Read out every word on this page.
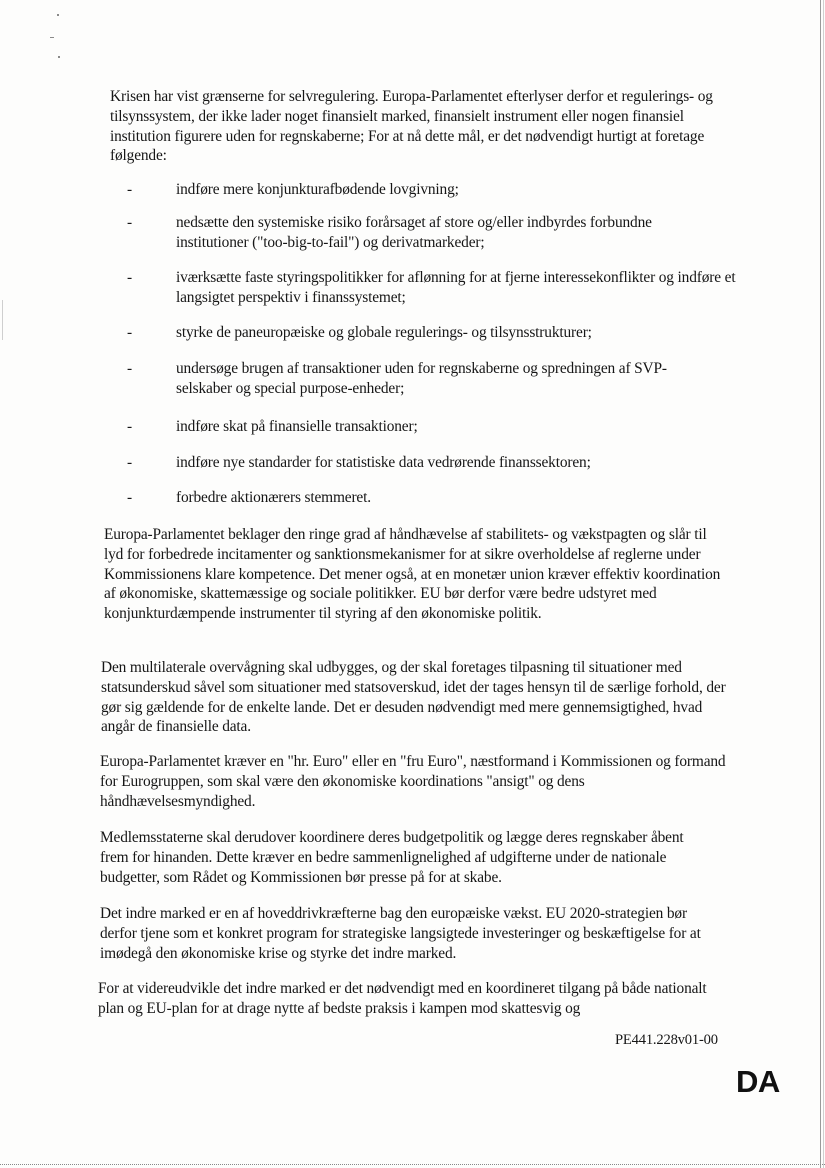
Krisen har vist grænserne for selvregulering. Europa-Parlamentet efterlyser derfor et regulerings- og tilsynssystem, der ikke lader noget finansielt marked, finansielt instrument eller nogen finansiel institution figurere uden for regnskaberne; For at nå dette mål, er det nødvendigt hurtigt at foretage følgende:

-	indføre mere konjunkturafbødende lovgivning;

-	nedsætte den systemiske risiko forårsaget af store og/eller indbyrdes forbundne institutioner ("too-big-to-fail") og derivatmarkeder;

-	iværksætte faste styringspolitikker for aflønning for at fjerne interessekonflikter og indføre et langsigtet perspektiv i finanssystemet;

-	styrke de paneuropæiske og globale regulerings- og tilsynsstrukturer;

-	undersøge brugen af transaktioner uden for regnskaberne og spredningen af SVP-selskaber og special purpose-enheder;

-	indføre skat på finansielle transaktioner;

-	indføre nye standarder for statistiske data vedrørende finanssektoren;

-	forbedre aktionærers stemmeret.

Europa-Parlamentet beklager den ringe grad af håndhævelse af stabilitets- og vækstpagten og slår til lyd for forbedrede incitamenter og sanktionsmekanismer for at sikre overholdelse af reglerne under Kommissionens klare kompetence. Det mener også, at en monetær union kræver effektiv koordination af økonomiske, skattemæssige og sociale politikker. EU bør derfor være bedre udstyret med konjunkturdæmpende instrumenter til styring af den økonomiske politik.

Den multilaterale overvågning skal udbygges, og der skal foretages tilpasning til situationer med statsunderskud såvel som situationer med statsoverskud, idet der tages hensyn til de særlige forhold, der gør sig gældende for de enkelte lande. Det er desuden nødvendigt med mere gennemsigtighed, hvad angår de finansielle data.

Europa-Parlamentet kræver en "hr. Euro" eller en "fru Euro", næstformand i Kommissionen og formand for Eurogruppen, som skal være den økonomiske koordinations "ansigt" og dens håndhævelsesmyndighed.

Medlemsstaterne skal derudover koordinere deres budgetpolitik og lægge deres regnskaber åbent frem for hinanden. Dette kræver en bedre sammenlignelighed af udgifterne under de nationale budgetter, som Rådet og Kommissionen bør presse på for at skabe.

Det indre marked er en af hoveddrivkræfterne bag den europæiske vækst. EU 2020-strategien bør derfor tjene som et konkret program for strategiske langsigtede investeringer og beskæftigelse for at imødegå den økonomiske krise og styrke det indre marked.

For at videreudvikle det indre marked er det nødvendigt med en koordineret tilgang på både nationalt plan og EU-plan for at drage nytte af bedste praksis i kampen mod skattesvig og

PE441.228v01-00
DA
